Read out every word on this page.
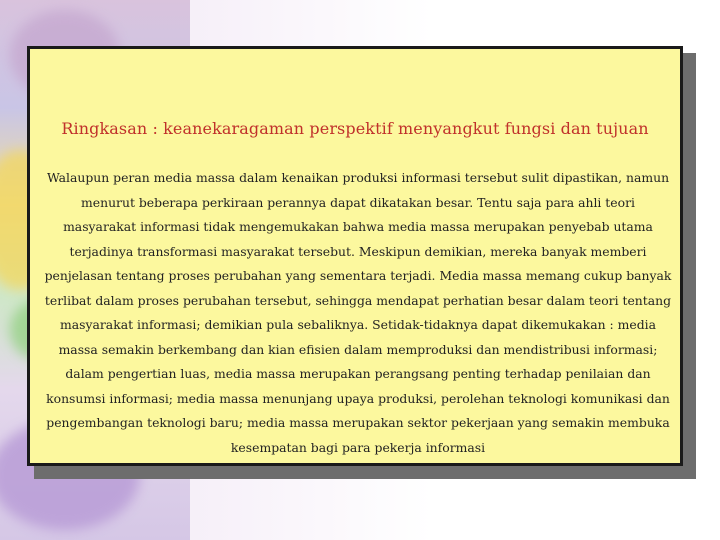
Ringkasan : keanekaragaman perspektif menyangkut fungsi dan tujuan
Walaupun peran media massa dalam kenaikan produksi informasi tersebut sulit dipastikan, namun menurut beberapa perkiraan perannya dapat dikatakan besar. Tentu saja para ahli teori masyarakat informasi tidak mengemukakan bahwa media massa merupakan penyebab utama terjadinya transformasi masyarakat tersebut. Meskipun demikian, mereka banyak memberi penjelasan tentang proses perubahan yang sementara terjadi. Media massa memang cukup banyak terlibat dalam proses perubahan tersebut, sehingga mendapat perhatian besar dalam teori tentang masyarakat informasi; demikian pula sebaliknya. Setidak-tidaknya dapat dikemukakan : media massa semakin berkembang dan kian efisien dalam memproduksi dan mendistribusi informasi; dalam pengertian luas, media massa merupakan perangsang penting terhadap penilaian dan konsumsi informasi; media massa menunjang upaya produksi, perolehan teknologi komunikasi dan pengembangan teknologi baru; media massa merupakan sektor pekerjaan yang semakin membuka kesempatan bagi para pekerja informasi
